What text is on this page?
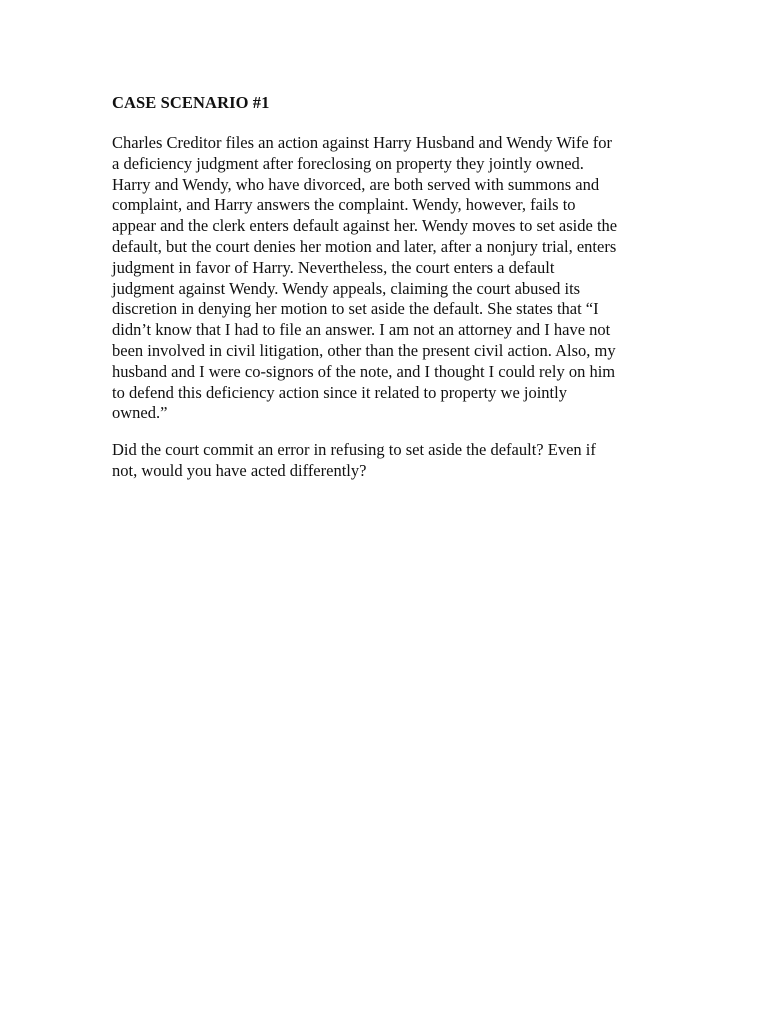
CASE SCENARIO #1
Charles Creditor files an action against Harry Husband and Wendy Wife for
a deficiency judgment after foreclosing on property they jointly owned.
Harry and Wendy, who have divorced, are both served with summons and
complaint, and Harry answers the complaint. Wendy, however, fails to
appear and the clerk enters default against her. Wendy moves to set aside the
default, but the court denies her motion and later, after a nonjury trial, enters
judgment in favor of Harry. Nevertheless, the court enters a default
judgment against Wendy. Wendy appeals, claiming the court abused its
discretion in denying her motion to set aside the default. She states that “I
didn’t know that I had to file an answer. I am not an attorney and I have not
been involved in civil litigation, other than the present civil action. Also, my
husband and I were co-signors of the note, and I thought I could rely on him
to defend this deficiency action since it related to property we jointly
owned.”
Did the court commit an error in refusing to set aside the default? Even if
not, would you have acted differently?
